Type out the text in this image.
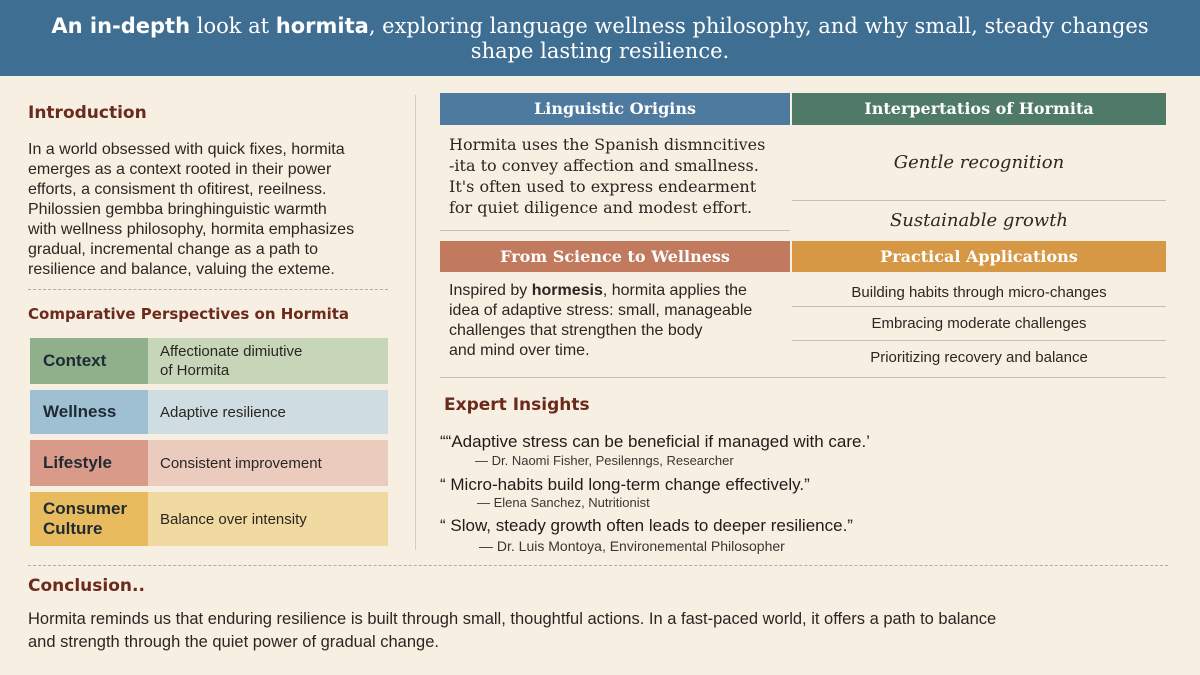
An in-depth look at hormita, exploring language wellness philosophy, and why small, steady changes
shape lasting resilience.
Introduction
In a world obsessed with quick fixes, hormita
emerges as a context rooted in their power
efforts, a consisment th ofitirest, reeilness.
Philossien gembba bringhinguistic warmth
with wellness philosophy, hormita emphasizes
gradual, incremental change as a path to
resilience and balance, valuing the exteme.
Comparative Perspectives on Hormita
Context	Affectionate dimiutive
of Hormita
Wellness	Adaptive resilience
Lifestyle	Consistent improvement
Consumer
Culture	Balance over intensity
Linguistic Origins
Hormita uses the Spanish dismncitives
-ita to convey affection and smallness.
It's often used to express endearment
for quiet diligence and modest effort.
Interpertatios of Hormita
Gentle recognition
Sustainable growth
From Science to Wellness
Inspired by hormesis, hormita applies the
idea of adaptive stress: small, manageable
challenges that strengthen the body
and mind over time.
Practical Applications
Building habits through micro-changes
Embracing moderate challenges
Prioritizing recovery and balance
Expert Insights
““Adaptive stress can be beneficial if managed with care.’
— Dr. Naomi Fisher, Pesilenngs, Researcher
“ Micro-habits build long-term change effectively.”
— Elena Sanchez, Nutritionist
“ Slow, steady growth often leads to deeper resilience.”
— Dr. Luis Montoya, Environemental Philosopher
Conclusion..
Hormita reminds us that enduring resilience is built through small, thoughtful actions. In a fast-paced world, it offers a path to balance
and strength through the quiet power of gradual change.
